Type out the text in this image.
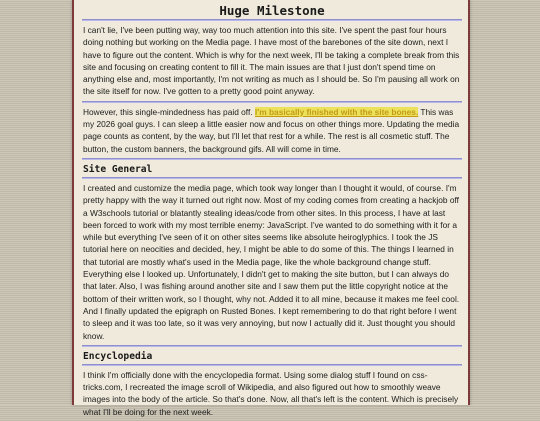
Huge Milestone

I can't lie, I've been putting way, way too much attention into this site. I've spent the past four hours doing nothing but working on the Media page. I have most of the barebones of the site down, next I have to figure out the content. Which is why for the next week, I'll be taking a complete break from this site and focusing on creating content to fill it. The main issues are that I just don't spend time on anything else and, most importantly, I'm not writing as much as I should be. So I'm pausing all work on the site itself for now. I've gotten to a pretty good point anyway.

However, this single-mindedness has paid off. I'm basically finished with the site bones. This was my 2026 goal guys. I can sleep a little easier now and focus on other things more. Updating the media page counts as content, by the way, but I'll let that rest for a while. The rest is all cosmetic stuff. The button, the custom banners, the background gifs. All will come in time.

Site General

I created and customize the media page, which took way longer than I thought it would, of course. I'm pretty happy with the way it turned out right now. Most of my coding comes from creating a hackjob off a W3schools tutorial or blatantly stealing ideas/code from other sites. In this process, I have at last been forced to work with my most terrible enemy: JavaScript. I've wanted to do something with it for a while but everything I've seen of it on other sites seems like absolute heiroglyphics. I took the JS tutorial here on neocities and decided, hey, I might be able to do some of this. The things I learned in that tutorial are mostly what's used in the Media page, like the whole background change stuff. Everything else I looked up. Unfortunately, I didn't get to making the site button, but I can always do that later. Also, I was fishing around another site and I saw them put the little copyright notice at the bottom of their written work, so I thought, why not. Added it to all mine, because it makes me feel cool. And I finally updated the epigraph on Rusted Bones. I kept remembering to do that right before I went to sleep and it was too late, so it was very annoying, but now I actually did it. Just thought you should know.

Encyclopedia

I think I'm officially done with the encyclopedia format. Using some dialog stuff I found on css-tricks.com, I recreated the image scroll of Wikipedia, and also figured out how to smoothly weave images into the body of the article. So that's done. Now, all that's left is the content. Which is precisely what I'll be doing for the next week.
